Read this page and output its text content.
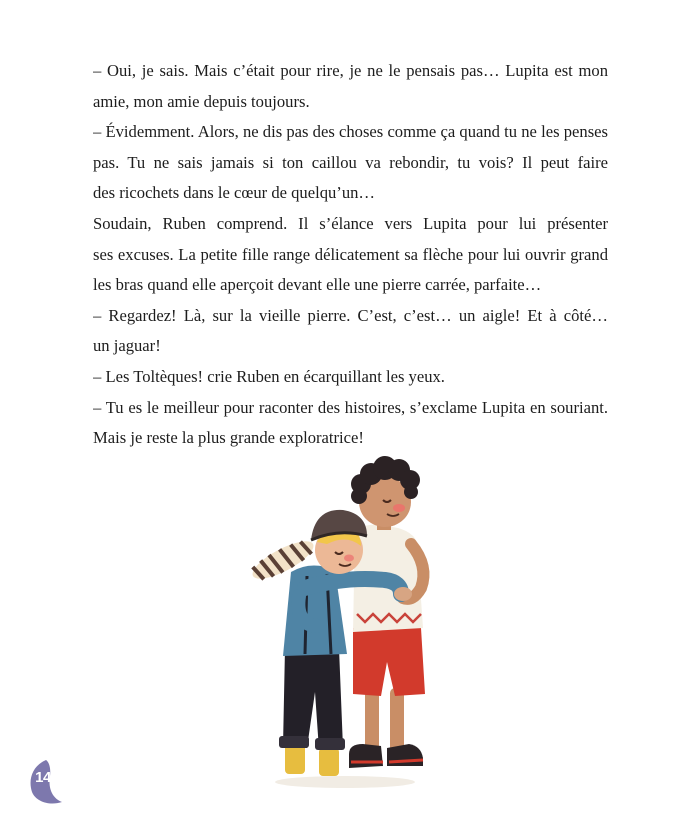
– Oui, je sais. Mais c’était pour rire, je ne le pensais pas… Lupita est mon
amie, mon amie depuis toujours.
– Évidemment. Alors, ne dis pas des choses comme ça quand tu ne les penses
pas. Tu ne sais jamais si ton caillou va rebondir, tu vois? Il peut faire
des ricochets dans le cœur de quelqu’un…
Soudain, Ruben comprend. Il s’élance vers Lupita pour lui présenter
ses excuses. La petite fille range délicatement sa flèche pour lui ouvrir grand
les bras quand elle aperçoit devant elle une pierre carrée, parfaite…
– Regardez! Là, sur la vieille pierre. C’est, c’est… un aigle! Et à côté…
un jaguar!
– Les Toltèques! crie Ruben en écarquillant les yeux.
– Tu es le meilleur pour raconter des histoires, s’exclame Lupita en souriant.
Mais je reste la plus grande exploratrice!
14
